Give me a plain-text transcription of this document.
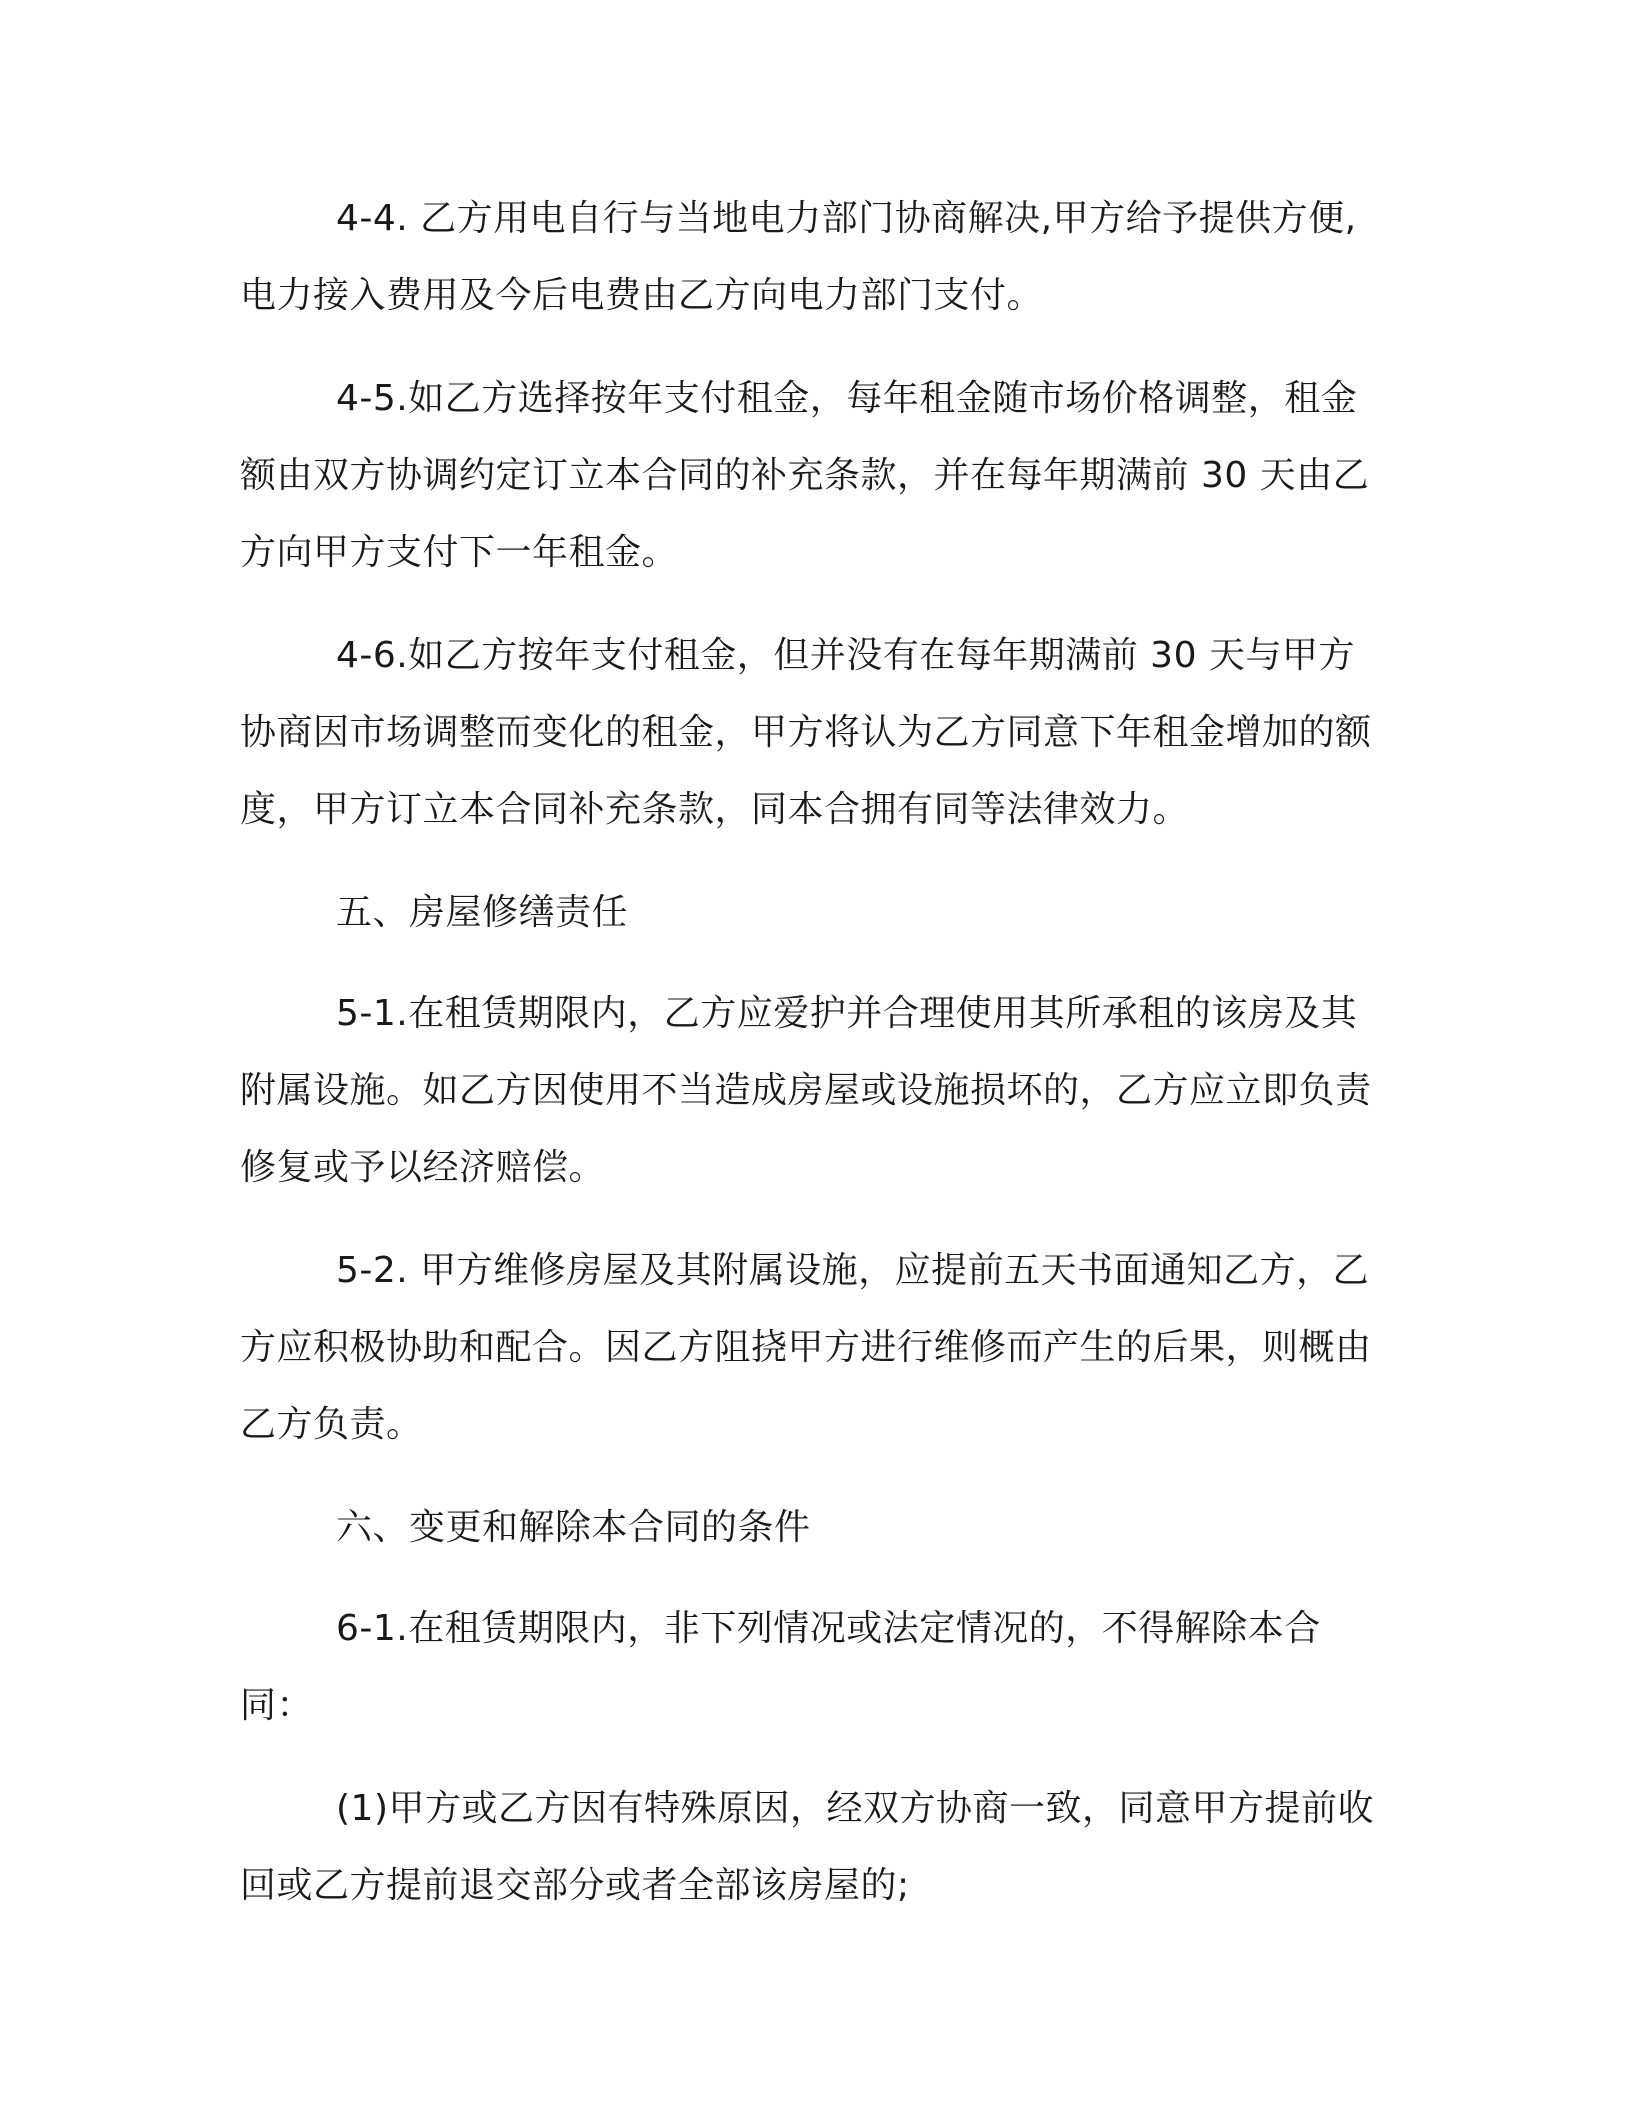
4-4. 乙方用电自行与当地电力部门协商解决,甲方给予提供方便,电力接入费用及今后电费由乙方向电力部门支付。

4-5.如乙方选择按年支付租金，每年租金随市场价格调整，租金额由双方协调约定订立本合同的补充条款，并在每年期满前 30 天由乙方向甲方支付下一年租金。

4-6.如乙方按年支付租金，但并没有在每年期满前 30 天与甲方协商因市场调整而变化的租金，甲方将认为乙方同意下年租金增加的额度，甲方订立本合同补充条款，同本合拥有同等法律效力。

五、房屋修缮责任

5-1.在租赁期限内，乙方应爱护并合理使用其所承租的该房及其附属设施。如乙方因使用不当造成房屋或设施损坏的，乙方应立即负责修复或予以经济赔偿。

5-2. 甲方维修房屋及其附属设施，应提前五天书面通知乙方，乙方应积极协助和配合。因乙方阻挠甲方进行维修而产生的后果，则概由乙方负责。

六、变更和解除本合同的条件

6-1.在租赁期限内，非下列情况或法定情况的，不得解除本合同：

(1)甲方或乙方因有特殊原因，经双方协商一致，同意甲方提前收回或乙方提前退交部分或者全部该房屋的;
